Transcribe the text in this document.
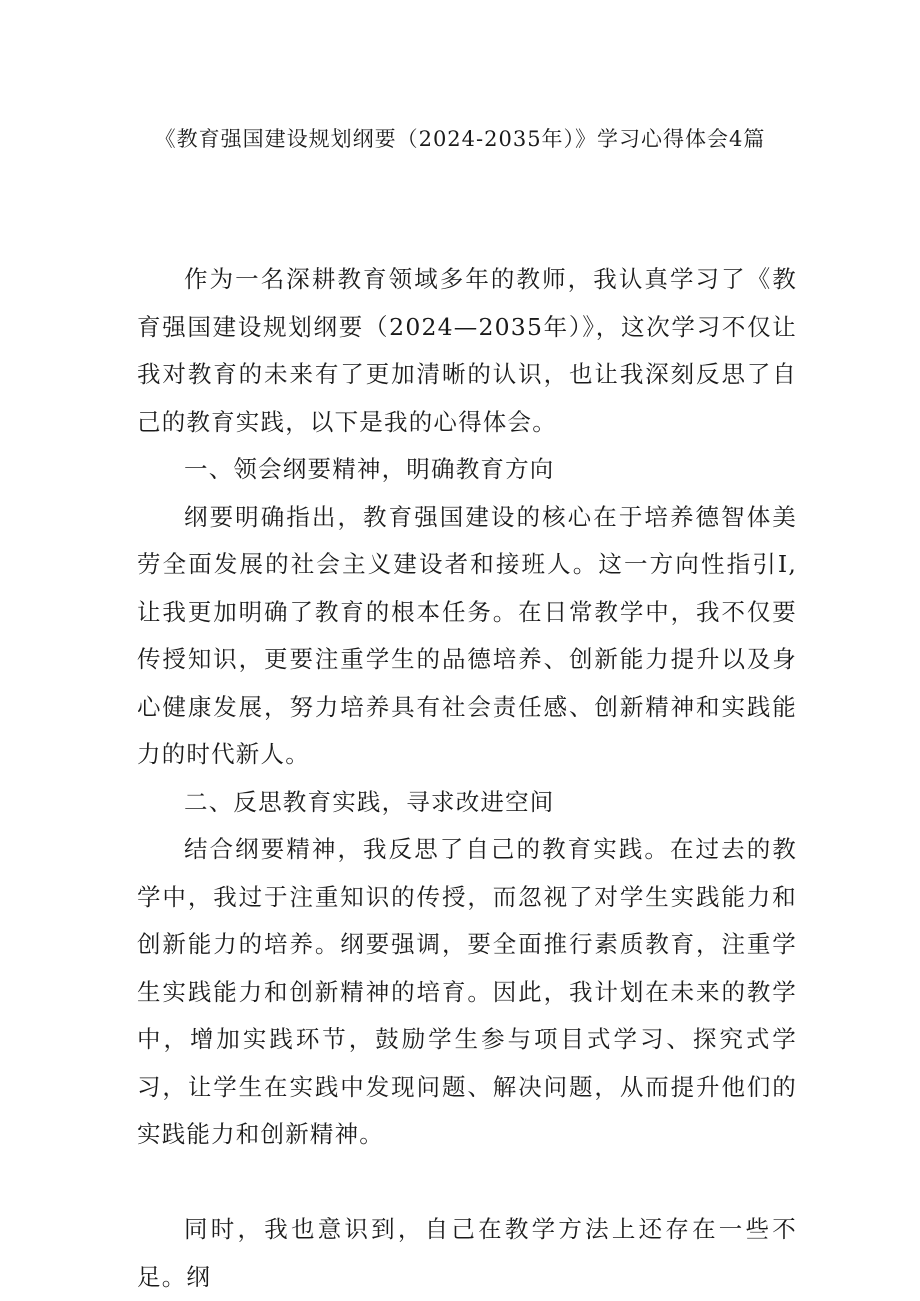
《教育强国建设规划纲要（2024-2035年）》学习心得体会4篇

作为一名深耕教育领域多年的教师，我认真学习了《教育强国建设规划纲要（2024—2035年）》，这次学习不仅让我对教育的未来有了更加清晰的认识，也让我深刻反思了自己的教育实践，以下是我的心得体会。

一、领会纲要精神，明确教育方向

纲要明确指出，教育强国建设的核心在于培养德智体美劳全面发展的社会主义建设者和接班人。这一方向性指引I,让我更加明确了教育的根本任务。在日常教学中，我不仅要传授知识，更要注重学生的品德培养、创新能力提升以及身心健康发展，努力培养具有社会责任感、创新精神和实践能力的时代新人。

二、反思教育实践，寻求改进空间

结合纲要精神，我反思了自己的教育实践。在过去的教学中，我过于注重知识的传授，而忽视了对学生实践能力和创新能力的培养。纲要强调，要全面推行素质教育，注重学生实践能力和创新精神的培育。因此，我计划在未来的教学中，增加实践环节，鼓励学生参与项目式学习、探究式学习，让学生在实践中发现问题、解决问题，从而提升他们的实践能力和创新精神。

同时，我也意识到，自己在教学方法上还存在一些不足。纲
